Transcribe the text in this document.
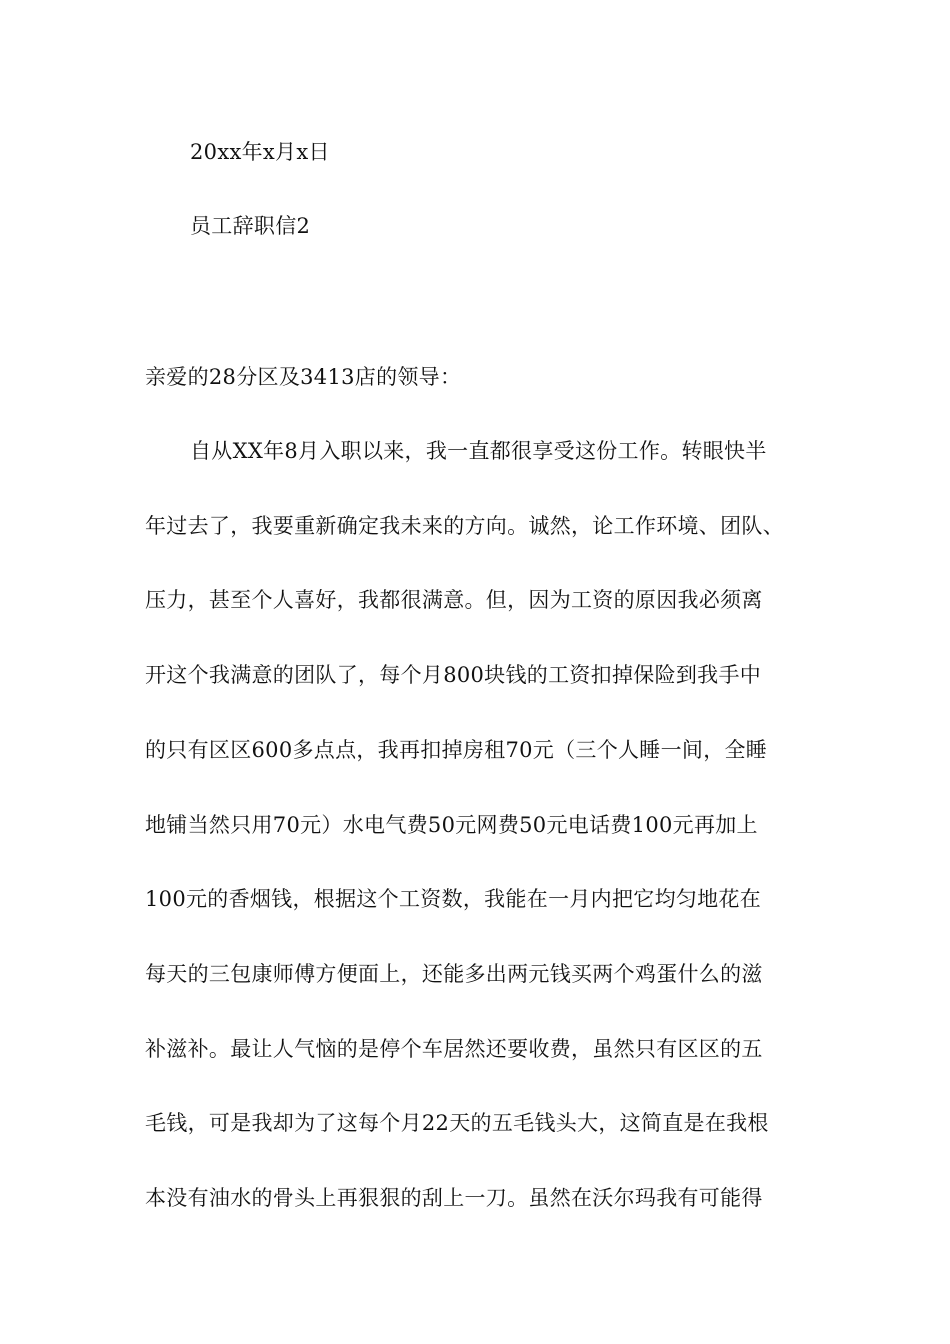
20xx年x月x日
员工辞职信2
亲爱的28分区及3413店的领导：
自从XX年8月入职以来，我一直都很享受这份工作。转眼快半
年过去了，我要重新确定我未来的方向。诚然，论工作环境、团队、
压力，甚至个人喜好，我都很满意。但，因为工资的原因我必须离
开这个我满意的团队了，每个月800块钱的工资扣掉保险到我手中
的只有区区600多点点，我再扣掉房租70元（三个人睡一间，全睡
地铺当然只用70元）水电气费50元网费50元电话费100元再加上
100元的香烟钱，根据这个工资数，我能在一月内把它均匀地花在
每天的三包康师傅方便面上，还能多出两元钱买两个鸡蛋什么的滋
补滋补。最让人气恼的是停个车居然还要收费，虽然只有区区的五
毛钱，可是我却为了这每个月22天的五毛钱头大，这简直是在我根
本没有油水的骨头上再狠狠的刮上一刀。虽然在沃尔玛我有可能得
